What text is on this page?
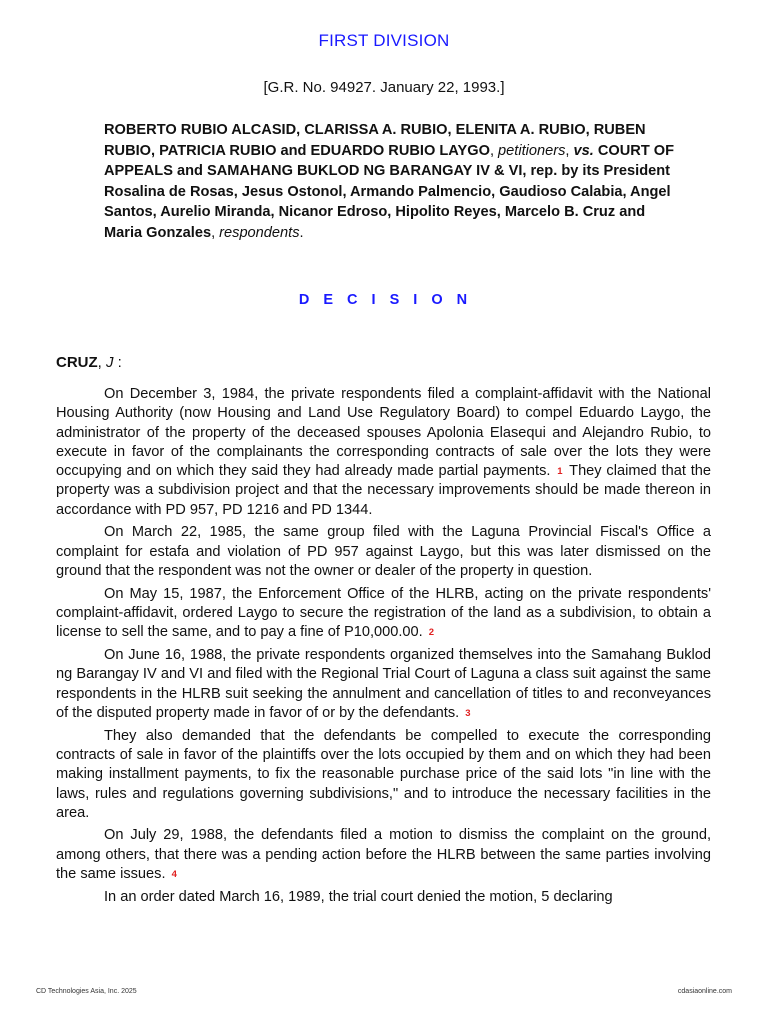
FIRST DIVISION
[G.R. No. 94927. January 22, 1993.]
ROBERTO RUBIO ALCASID, CLARISSA A. RUBIO, ELENITA A. RUBIO, RUBEN RUBIO, PATRICIA RUBIO and EDUARDO RUBIO LAYGO, petitioners, vs. COURT OF APPEALS and SAMAHANG BUKLOD NG BARANGAY IV & VI, rep. by its President Rosalina de Rosas, Jesus Ostonol, Armando Palmencio, Gaudioso Calabia, Angel Santos, Aurelio Miranda, Nicanor Edroso, Hipolito Reyes, Marcelo B. Cruz and Maria Gonzales, respondents.
D E C I S I O N
CRUZ, J :

On December 3, 1984, the private respondents filed a complaint-affidavit with the National Housing Authority (now Housing and Land Use Regulatory Board) to compel Eduardo Laygo, the administrator of the property of the deceased spouses Apolonia Elasequi and Alejandro Rubio, to execute in favor of the complainants the corresponding contracts of sale over the lots they were occupying and on which they said they had already made partial payments. 1 They claimed that the property was a subdivision project and that the necessary improvements should be made thereon in accordance with PD 957, PD 1216 and PD 1344.

On March 22, 1985, the same group filed with the Laguna Provincial Fiscal's Office a complaint for estafa and violation of PD 957 against Laygo, but this was later dismissed on the ground that the respondent was not the owner or dealer of the property in question.

On May 15, 1987, the Enforcement Office of the HLRB, acting on the private respondents' complaint-affidavit, ordered Laygo to secure the registration of the land as a subdivision, to obtain a license to sell the same, and to pay a fine of P10,000.00. 2

On June 16, 1988, the private respondents organized themselves into the Samahang Buklod ng Barangay IV and VI and filed with the Regional Trial Court of Laguna a class suit against the same respondents in the HLRB suit seeking the annulment and cancellation of titles to and reconveyances of the disputed property made in favor of or by the defendants. 3

They also demanded that the defendants be compelled to execute the corresponding contracts of sale in favor of the plaintiffs over the lots occupied by them and on which they had been making installment payments, to fix the reasonable purchase price of the said lots "in line with the laws, rules and regulations governing subdivisions," and to introduce the necessary facilities in the area.

On July 29, 1988, the defendants filed a motion to dismiss the complaint on the ground, among others, that there was a pending action before the HLRB between the same parties involving the same issues. 4

In an order dated March 16, 1989, the trial court denied the motion, 5 declaring

CD Technologies Asia, Inc. 2025	cdasiaonline.com
